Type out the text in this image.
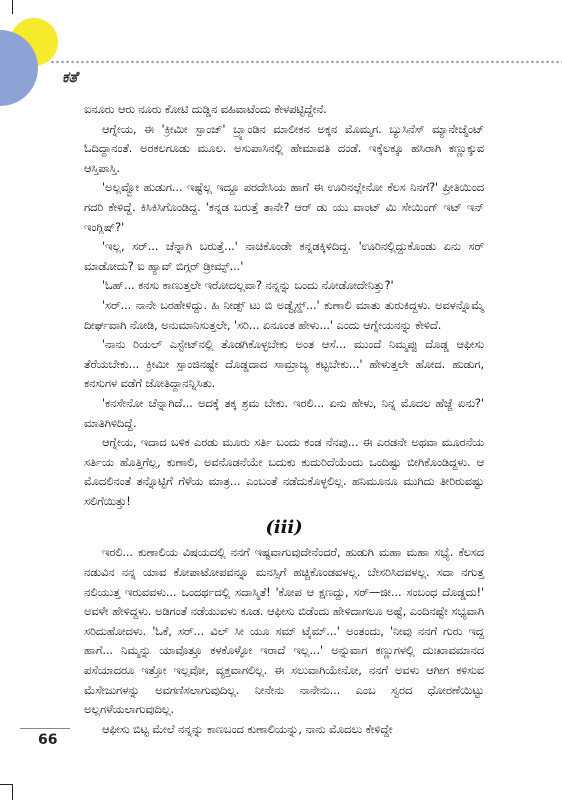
ಕತೆ

ಐನೂರು ಆರು ನೂರು ಕೋಟಿ ದುಡ್ಡಿನ ವಹಿವಾಟೆಂದು ಕೇಳಪಟ್ಟಿದ್ದೇನೆ.

ಆಗ್ನೇಯ, ಈ 'ಕ್ರೀಮೀ ಸ್ಪಾಂಜ್' ಬ್ರ್ಯಾಂಡಿನ ಮಾಲೀಕನ ಅಕ್ಕನ ಮೊಮ್ಮಗ. ಬ್ಯುಸಿನೆಸ್ ಮ್ಯಾನೇಜ್ಮೆಂಟ್ ಓದಿದ್ದಾನಂತೆ. ಅರಕಲಗೂಡು ಮೂಲ. ಅಸುಪಾಸಿನಲ್ಲಿ ಹೇಮಾವತಿ ದಂಡೆ. ಇಕ್ಕೆಲಕ್ಕೂ ಹಸಿರಾಗಿ ಕಣ್ಣುಕ್ಕುವ ಆಸ್ತಿಪಾಸ್ತಿ.

'ಅಲ್ಲವ್ವೋ ಹುಡುಗ... ಇಷ್ಟೆಲ್ಲ ಇದ್ದೂ ಪರದೇಸಿಯ ಹಾಗೆ ಈ ಊರಿನಲ್ಲೇನೋ ಕೆಲಸ ನಿನಗೆ?' ಪ್ರೀತಿಯಿಂದ ಗದರಿ ಕೇಳಿದ್ದೆ. ಕಿಸಿಕಿಸಿಗೊಂಡಿದ್ದ. 'ಕನ್ನಡ ಬರುತ್ತೆ ತಾನೇ? ಆರ್ ಡು ಯು ವಾಂಟ್ ಮಿ ಸೇಯಿಂಗ್ ಇಟ್ ಇನ್ ಇಂಗ್ಲಿಷ್?'

'ಇಲ್ಲ, ಸರ್... ಚೆನ್ನಾಗಿ ಬರುತ್ತೆ...' ನಾಚಿಕೊಂಡೇ ಕನ್ನಡಕ್ಕಿಳಿದಿದ್ದ. 'ಊರಿನಲ್ಲಿದ್ದುಕೊಂಡು ಏನು ಸರ್ ಮಾಡೋದು? ಐ ಹ್ಯಾವ್ ಬಿಗ್ಗರ್ ಡ್ರೀಮ್ಸ್...'

'ಓಹ್... ಕನಸು ಕಾಣುತ್ತಲೇ ಇರೋದಲ್ಲವಾ? ನನ್ನನ್ನು ಬಂದು ನೋಡೋದೇನಿತ್ತು?'

'ಸರ್... ನಾನೇ ಬರಹೇಳಿದ್ದು. ಹಿ ನೀಡ್ಸ್ ಟು ಬಿ ಅಡ್ವೈಸ್ಡ್...' ಕುಣಾಲಿ ಮಾತು ತುರುಕಿದ್ದಳು. ಅವಳನ್ನೊಮ್ಮೆ ದೀರ್ಘವಾಗಿ ನೋಡಿ, ಅನುಮಾನಿಸುತ್ತಲೇ, 'ಸರಿ... ಏನೂಂತ ಹೇಳು...' ಎಂದು ಆಗ್ನೇಯನನ್ನು ಕೇಳಿದೆ.

'ನಾನು ರಿಯಲ್ ಎಸ್ಟೇಟ್‌ನಲ್ಲಿ ತೊಡಗಿಕೊಳ್ಳಬೇಕು ಅಂತ ಆಸೆ... ಮುಂದೆ ನಿಮ್ಮಪ್ಪು ದೊಡ್ಡ ಆಫೀಸು ತೆರೆಯಬೇಕು... ಕ್ರೀಮೀ ಸ್ಪಾಂಜಿನಷ್ಟೇ ದೊಡ್ಡದಾದ ಸಾಮ್ರಾಜ್ಯ ಕಟ್ಟಬೇಕು...' ಹೇಳುತ್ತಲೇ ಹೋದ. ಹುಡುಗ, ಕನಸುಗಳ ವಡೆಗೆ ಜೋತಿದ್ದಾನನ್ನಿಸಿತು.

'ಕನಸೇನೋ ಚೆನ್ನಾಗಿದೆ... ಅದಕ್ಕೆ ತಕ್ಕ ಶ್ರಮ ಬೇಕು. ಇರಲಿ... ಏನು ಹೇಳು, ನಿನ್ನ ಮೊದಲ ಹೆಜ್ಜೆ ಏನು?' ಮಾತಿಗಿಳಿದಿದ್ದೆ.

ಆಗ್ನೇಯ, ಇದಾದ ಬಳಿಕ ಎರಡು ಮೂರು ಸರ್ತಿ ಬಂದು ಕಂಡ ನೆನಪು... ಈ ಎರಡನೇ ಅಥವಾ ಮೂರನೆಯ ಸರ್ತಿಯ ಹೊತ್ತಿಗೆಲ್ಲ, ಕುಣಾಲಿ, ಅವನೊಡನೆಯೇ ಬದುಕು ಕುದುರಿದೆಯೆಂದು ಒಂದಿಷ್ಟು ಬೀಗಿಕೊಂಡಿದ್ದಳು. ಆ ಮೊದಲಿನಂತೆ ತನ್ನೊಟ್ಟಿಗೆ ಗೆಳೆಯ ಮಾತ್ರ... ಎಂಬಂತೆ ನಡೆದುಕೊಳ್ಳಲಿಲ್ಲ. ಹನಿಮೂನೂ ಮುಗಿದು ತೀರಿರುವಷ್ಟು ಸಲಿಗೆಯಿತ್ತು!

(iii)

ಇರಲಿ... ಕುಣಾಲಿಯ ವಿಷಯದಲ್ಲಿ ನನಗೆ ಇಷ್ಟವಾಗುವುದೇನೆಂದರೆ, ಹುಡುಗಿ ಮಹಾ ಮಹಾ ಸಭ್ಯೆ. ಕೆಲಸದ ನಡುವಿನ ನನ್ನ ಯಾವ ಕೋಪಾಟೋಪವನ್ನೂ ಮನಸ್ಸಿಗೆ ಹಚ್ಚಿಕೊಂಡವಳಲ್ಲ. ಬೇಸರಿಸಿದವಳಲ್ಲ. ಸದಾ ನಗುತ್ತ ನಲಿಯುತ್ತ ಇರುವವಳು... ಒಂದರ್ಥದಲ್ಲಿ ಸದಾಸ್ಮಿತೆ! 'ಕೋಪ ಆ ಕ್ಷಣದ್ದು, ಸರ್—ಜೀ... ಸಂಬಂಧ ದೊಡ್ಡದು!' ಅವಳೇ ಹೇಳಿದ್ದಳು. ಅಡಿಗಂತೆ ನಡೆಯುವಳು ಕೂಡ. ಆಫೀಸು ಬಿಡೆಂದು ಹೇಳಿದಾಗಲೂ ಅಷ್ಟೆ, ಎಂದಿನಷ್ಟೇ ಸಭ್ಯವಾಗಿ ಸರಿದುಹೋದಳು. 'ಓಕೆ, ಸರ್... ವಿಲ್ ಸೀ ಯೂ ಸಮ್ ಟೈಮ್...' ಅಂತಂದು, 'ನೀವು ನನಗೆ ಗುರು ಇದ್ದ ಹಾಗೆ... ನಿಮ್ಮನ್ನು ಯಾವೊತ್ತೂ ಕಳಕೊಳ್ಳೋ ಇರಾದೆ ಇಲ್ಲ...' ಅನ್ನುವಾಗ ಕಣ್ಣುಗಳಲ್ಲಿ ದುಃಖಾವಮಾನದ ಪಸೆಯಾದರೂ ಇತ್ತೋ ಇಲ್ಲವೋ, ವ್ಯಕ್ತವಾಗಲಿಲ್ಲ. ಈ ಸಲುವಾಗಿಯೇನೋ, ನನಗೆ ಅವಳು ಆಗೀಗ ಕಳಿಸುವ ಮೆಸೇಜುಗಳನ್ನು ಅವಗಣಿಸಲಾಗುವುದಿಲ್ಲ. ನೀನೇನು ನಾನೇನು... ಎಂಬ ಸ್ವರದ ಧೋರಣೆಯಿಟ್ಟು ಅಲ್ಲಗಳೆಯಲಾಗುವುದಿಲ್ಲ.

ಆಫೀಸು ಬಿಟ್ಟ ಮೇಲೆ ನನ್ನನ್ನು ಕಾಣಬಂದ ಕುಣಾಲಿಯನ್ನು, ನಾನು ಮೊದಲು ಕೇಳಿದ್ದೇ

66
